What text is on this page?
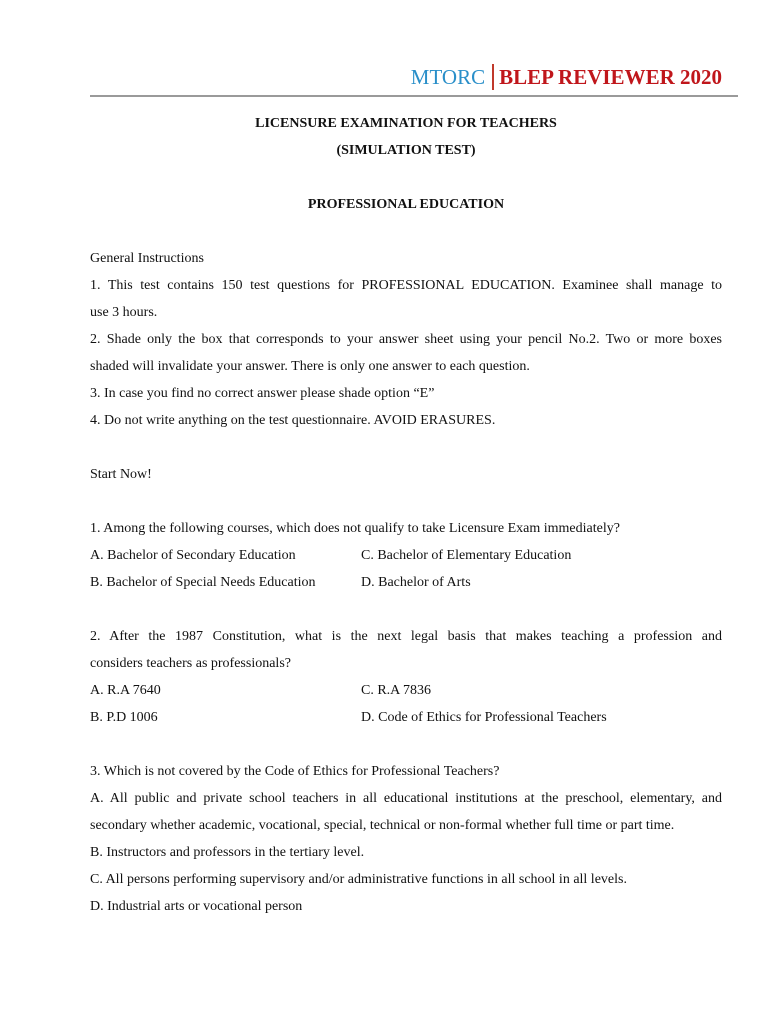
MTORC BLEP REVIEWER 2020
LICENSURE EXAMINATION FOR TEACHERS
(SIMULATION TEST)
PROFESSIONAL EDUCATION
General Instructions
1. This test contains 150 test questions for PROFESSIONAL EDUCATION. Examinee shall manage to
use 3 hours.
2. Shade only the box that corresponds to your answer sheet using your pencil No.2. Two or more boxes
shaded will invalidate your answer. There is only one answer to each question.
3. In case you find no correct answer please shade option “E”
4. Do not write anything on the test questionnaire. AVOID ERASURES.
Start Now!
1. Among the following courses, which does not qualify to take Licensure Exam immediately?
A. Bachelor of Secondary Education	C. Bachelor of Elementary Education
B. Bachelor of Special Needs Education	D. Bachelor of Arts
2. After the 1987 Constitution, what is the next legal basis that makes teaching a profession and
considers teachers as professionals?
A. R.A 7640	C. R.A 7836
B. P.D 1006	D. Code of Ethics for Professional Teachers
3. Which is not covered by the Code of Ethics for Professional Teachers?
A. All public and private school teachers in all educational institutions at the preschool, elementary, and
secondary whether academic, vocational, special, technical or non-formal whether full time or part time.
B. Instructors and professors in the tertiary level.
C. All persons performing supervisory and/or administrative functions in all school in all levels.
D. Industrial arts or vocational person
